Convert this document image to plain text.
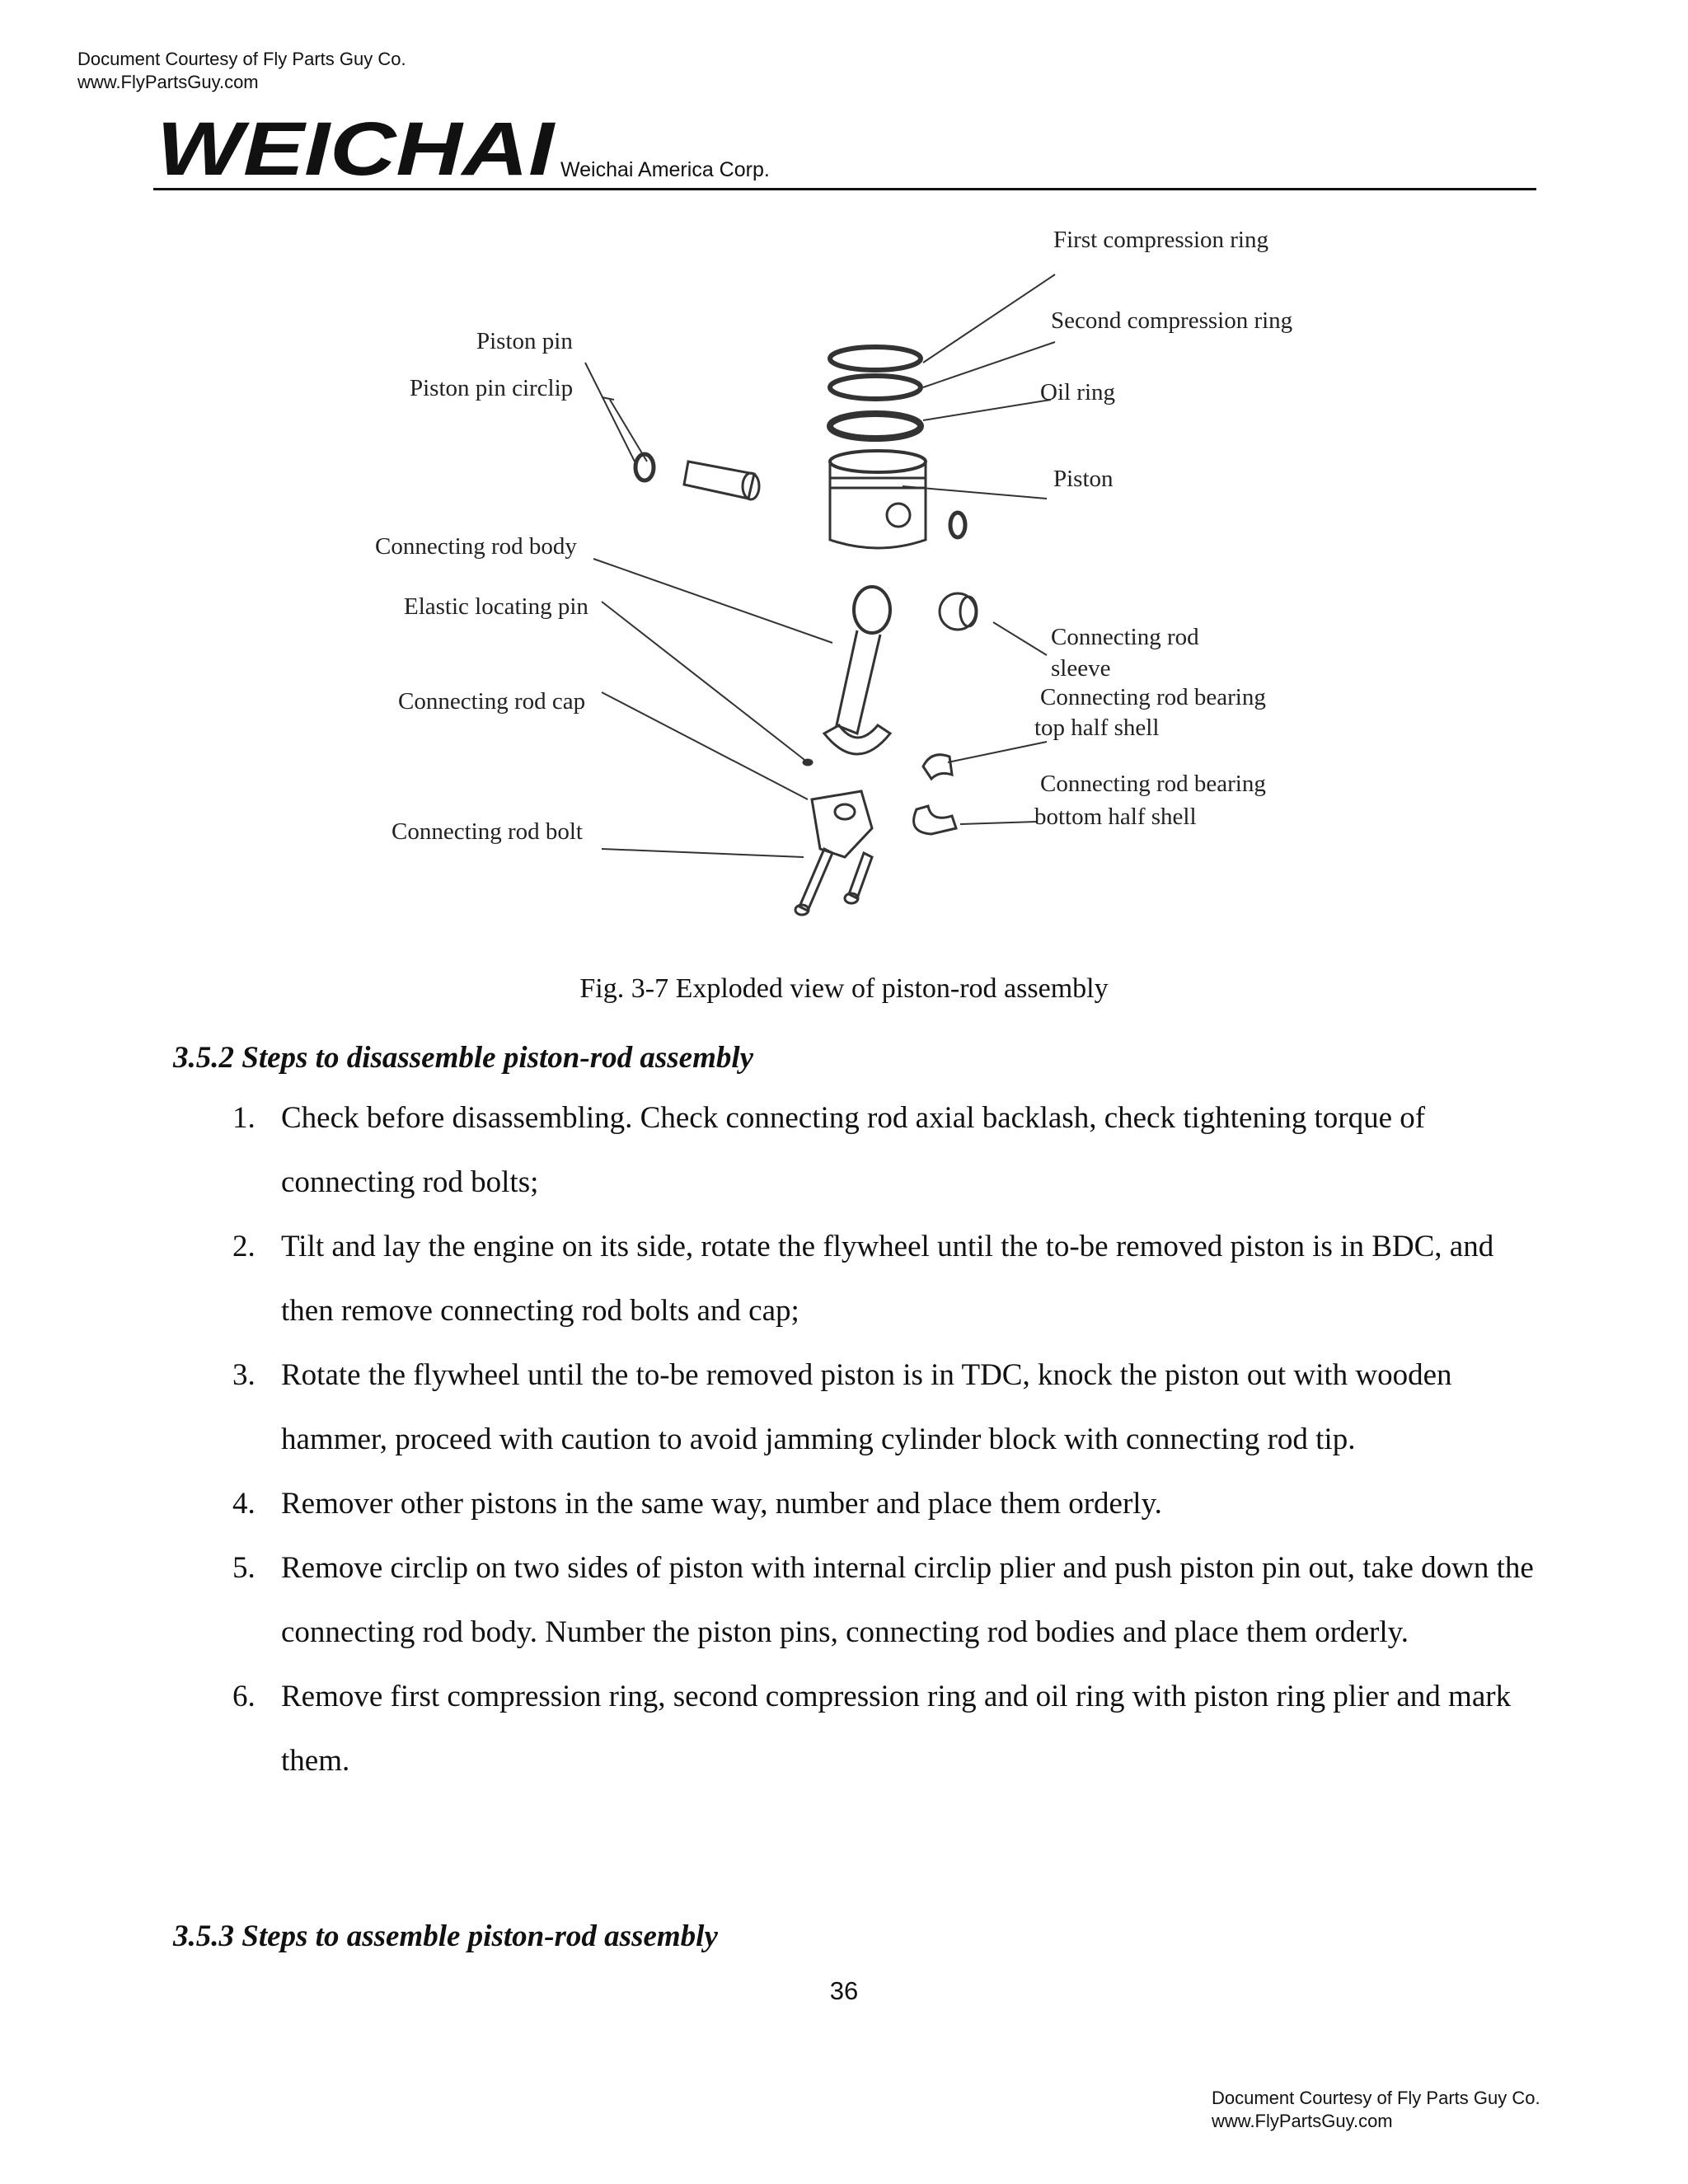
Document Courtesy of Fly Parts Guy Co.
www.FlyPartsGuy.com
WEICHAI Weichai America Corp.
First compression ring
Second compression ring
Oil ring
Piston
Piston pin
Piston pin circlip
Connecting rod body
Elastic locating pin
Connecting rod cap
Connecting rod bolt
Connecting rod
sleeve
Connecting rod bearing
top half shell
Connecting rod bearing
bottom half shell
Fig. 3-7 Exploded view of piston-rod assembly
3.5.2 Steps to disassemble piston-rod assembly
1. Check before disassembling. Check connecting rod axial backlash, check tightening torque of connecting rod bolts;
2. Tilt and lay the engine on its side, rotate the flywheel until the to-be removed piston is in BDC, and then remove connecting rod bolts and cap;
3. Rotate the flywheel until the to-be removed piston is in TDC, knock the piston out with wooden hammer, proceed with caution to avoid jamming cylinder block with connecting rod tip.
4. Remover other pistons in the same way, number and place them orderly.
5. Remove circlip on two sides of piston with internal circlip plier and push piston pin out, take down the connecting rod body. Number the piston pins, connecting rod bodies and place them orderly.
6. Remove first compression ring, second compression ring and oil ring with piston ring plier and mark them.
3.5.3 Steps to assemble piston-rod assembly
36
Document Courtesy of Fly Parts Guy Co.
www.FlyPartsGuy.com
